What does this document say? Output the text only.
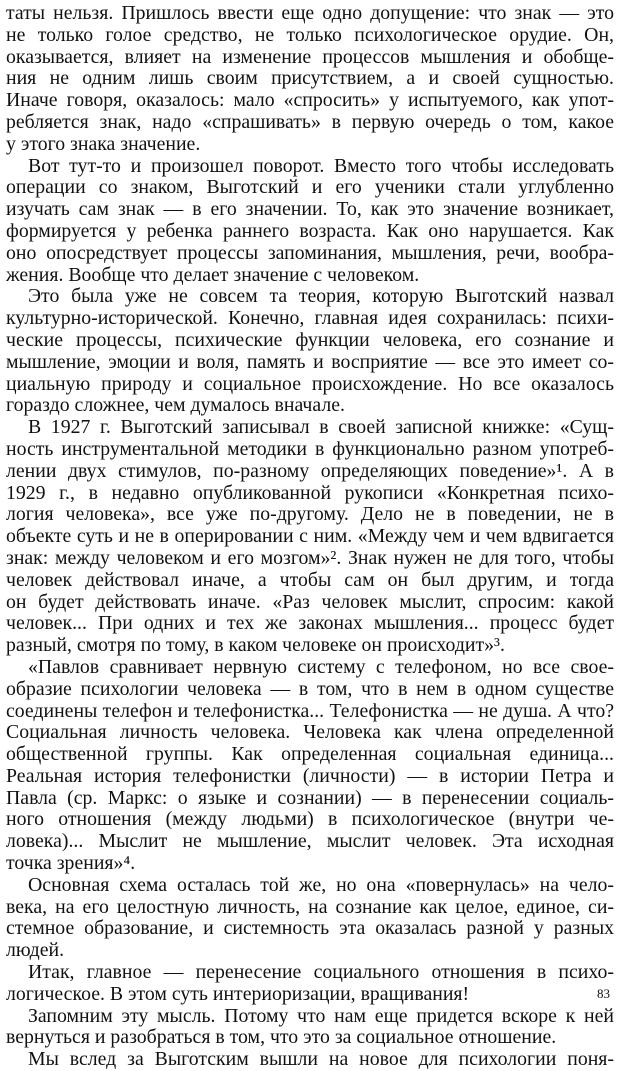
таты нельзя. Пришлось ввести еще одно допущение: что знак — это
не только голое средство, не только психологическое орудие. Он,
оказывается, влияет на изменение процессов мышления и обобще-
ния не одним лишь своим присутствием, а и своей сущностью.
Иначе говоря, оказалось: мало «спросить» у испытуемого, как упот-
ребляется знак, надо «спрашивать» в первую очередь о том, какое
у этого знака значение.
Вот тут-то и произошел поворот. Вместо того чтобы исследовать
операции со знаком, Выготский и его ученики стали углубленно
изучать сам знак — в его значении. То, как это значение возникает,
формируется у ребенка раннего возраста. Как оно нарушается. Как
оно опосредствует процессы запоминания, мышления, речи, вообра-
жения. Вообще что делает значение с человеком.
Это была уже не совсем та теория, которую Выготский назвал
культурно-исторической. Конечно, главная идея сохранилась: психи-
ческие процессы, психические функции человека, его сознание и
мышление, эмоции и воля, память и восприятие — все это имеет со-
циальную природу и социальное происхождение. Но все оказалось
гораздо сложнее, чем думалось вначале.
В 1927 г. Выготский записывал в своей записной книжке: «Сущ-
ность инструментальной методики в функционально разном употреб-
лении двух стимулов, по-разному определяющих поведение»¹. А в
1929 г., в недавно опубликованной рукописи «Конкретная психо-
логия человека», все уже по-другому. Дело не в поведении, не в
объекте суть и не в оперировании с ним. «Между чем и чем вдвигается
знак: между человеком и его мозгом»². Знак нужен не для того, чтобы
человек действовал иначе, а чтобы сам он был другим, и тогда
он будет действовать иначе. «Раз человек мыслит, спросим: какой
человек... При одних и тех же законах мышления... процесс будет
разный, смотря по тому, в каком человеке он происходит»³.
«Павлов сравнивает нервную систему с телефоном, но все свое-
образие психологии человека — в том, что в нем в одном существе
соединены телефон и телефонистка... Телефонистка — не душа. А что?
Социальная личность человека. Человека как члена определенной
общественной группы. Как определенная социальная единица...
Реальная история телефонистки (личности) — в истории Петра и
Павла (ср. Маркс: о языке и сознании) — в перенесении социаль-
ного отношения (между людьми) в психологическое (внутри че-
ловека)... Мыслит не мышление, мыслит человек. Эта исходная
точка зрения»⁴.
Основная схема осталась той же, но она «повернулась» на чело-
века, на его целостную личность, на сознание как целое, единое, си-
стемное образование, и системность эта оказалась разной у разных
людей.
Итак, главное — перенесение социального отношения в психо-
логическое. В этом суть интериоризации, вращивания!
Запомним эту мысль. Потому что нам еще придется вскоре к ней
вернуться и разобраться в том, что это за социальное отношение.
Мы вслед за Выготским вышли на новое для психологии поня-
83
